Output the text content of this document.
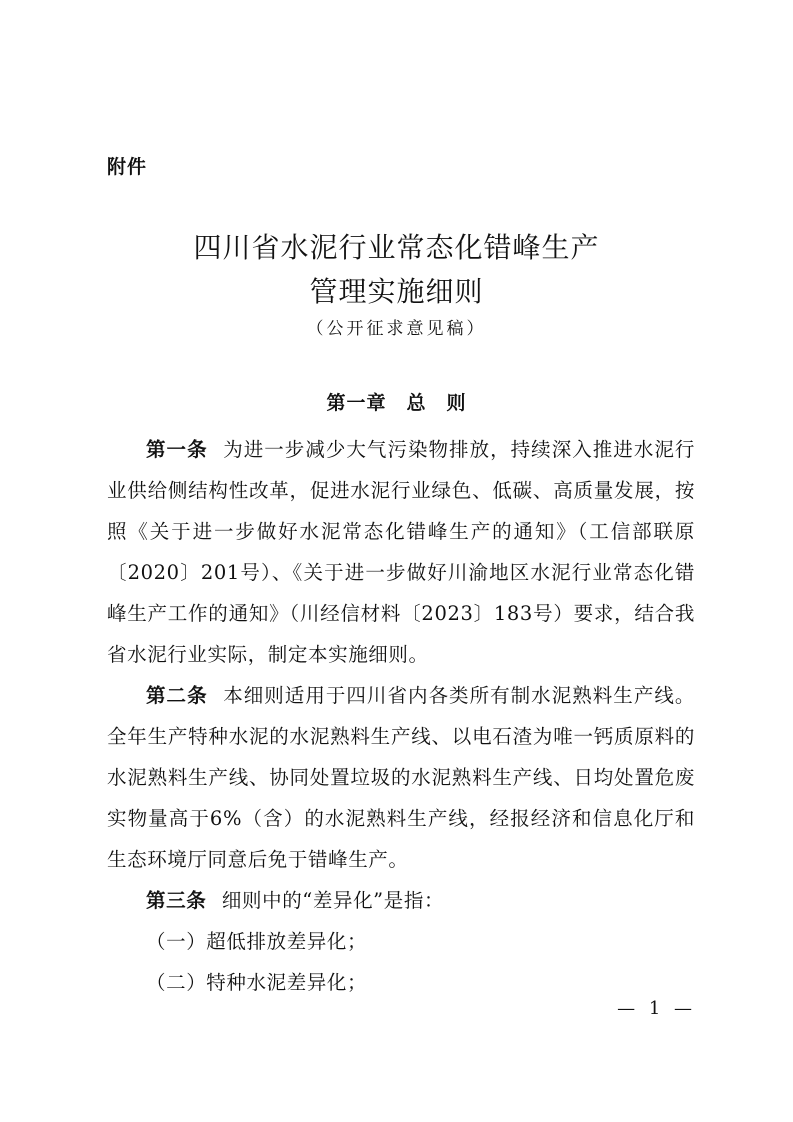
附件
四川省水泥行业常态化错峰生产
管理实施细则
（公开征求意见稿）
第一章　总　则

第一条 为进一步减少大气污染物排放，持续深入推进水泥行业供给侧结构性改革，促进水泥行业绿色、低碳、高质量发展，按照《关于进一步做好水泥常态化错峰生产的通知》（工信部联原〔2020〕201号）、《关于进一步做好川渝地区水泥行业常态化错峰生产工作的通知》（川经信材料〔2023〕183号）要求，结合我省水泥行业实际，制定本实施细则。

第二条 本细则适用于四川省内各类所有制水泥熟料生产线。全年生产特种水泥的水泥熟料生产线、以电石渣为唯一钙质原料的水泥熟料生产线、协同处置垃圾的水泥熟料生产线、日均处置危废实物量高于6%（含）的水泥熟料生产线，经报经济和信息化厅和生态环境厅同意后免于错峰生产。

第三条 细则中的“差异化”是指：

（一）超低排放差异化；

（二）特种水泥差异化；

— 1 —
